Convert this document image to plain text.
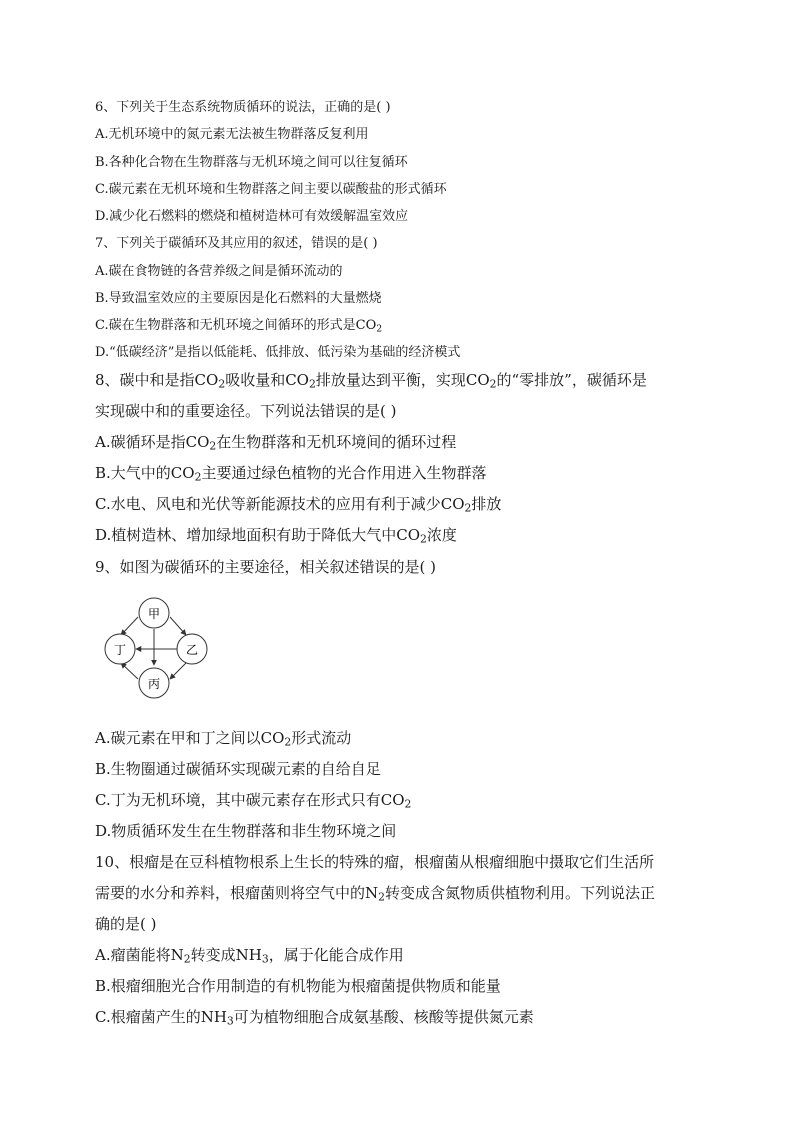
6、下列关于生态系统物质循环的说法，正确的是( )
A.无机环境中的氮元素无法被生物群落反复利用
B.各种化合物在生物群落与无机环境之间可以往复循环
C.碳元素在无机环境和生物群落之间主要以碳酸盐的形式循环
D.减少化石燃料的燃烧和植树造林可有效缓解温室效应
7、下列关于碳循环及其应用的叙述，错误的是( )
A.碳在食物链的各营养级之间是循环流动的
B.导致温室效应的主要原因是化石燃料的大量燃烧
C.碳在生物群落和无机环境之间循环的形式是$CO_2$
D.“低碳经济”是指以低能耗、低排放、低污染为基础的经济模式
8、碳中和是指$CO_2$吸收量和$CO_2$排放量达到平衡，实现$CO_2$的“零排放”，碳循环是
实现碳中和的重要途径。下列说法错误的是( )
A.碳循环是指$CO_2$在生物群落和无机环境间的循环过程
B.大气中的$CO_2$主要通过绿色植物的光合作用进入生物群落
C.水电、风电和光伏等新能源技术的应用有利于减少$CO_2$排放
D.植树造林、增加绿地面积有助于降低大气中$CO_2$浓度
9、如图为碳循环的主要途径，相关叙述错误的是( )
甲
丁	乙
丙
A.碳元素在甲和丁之间以$CO_2$形式流动
B.生物圈通过碳循环实现碳元素的自给自足
C.丁为无机环境，其中碳元素存在形式只有$CO_2$
D.物质循环发生在生物群落和非生物环境之间
10、根瘤是在豆科植物根系上生长的特殊的瘤，根瘤菌从根瘤细胞中摄取它们生活所
需要的水分和养料，根瘤菌则将空气中的$N_2$转变成含氮物质供植物利用。下列说法正
确的是( )
A.瘤菌能将$N_2$转变成$NH_3$，属于化能合成作用
B.根瘤细胞光合作用制造的有机物能为根瘤菌提供物质和能量
C.根瘤菌产生的$NH_3$可为植物细胞合成氨基酸、核酸等提供氮元素
